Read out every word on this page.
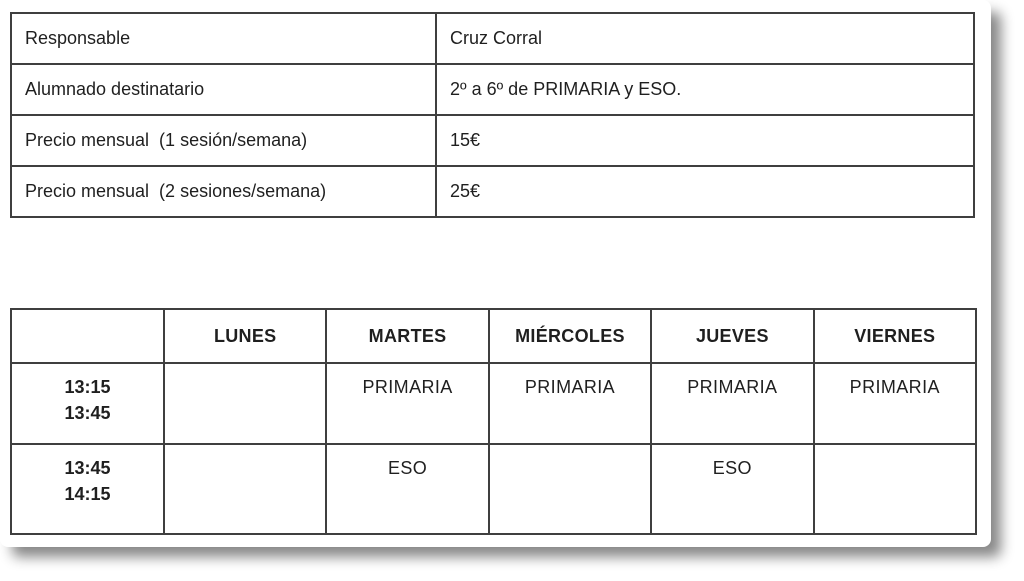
Responsable	Cruz Corral
Alumnado destinatario	2º a 6º de PRIMARIA y ESO.
Precio mensual  (1 sesión/semana)	15€
Precio mensual  (2 sesiones/semana)	25€
	LUNES	MARTES	MIÉRCOLES	JUEVES	VIERNES

13:15
13:45		PRIMARIA	PRIMARIA	PRIMARIA	PRIMARIA

13:45
14:15		ESO		ESO	
